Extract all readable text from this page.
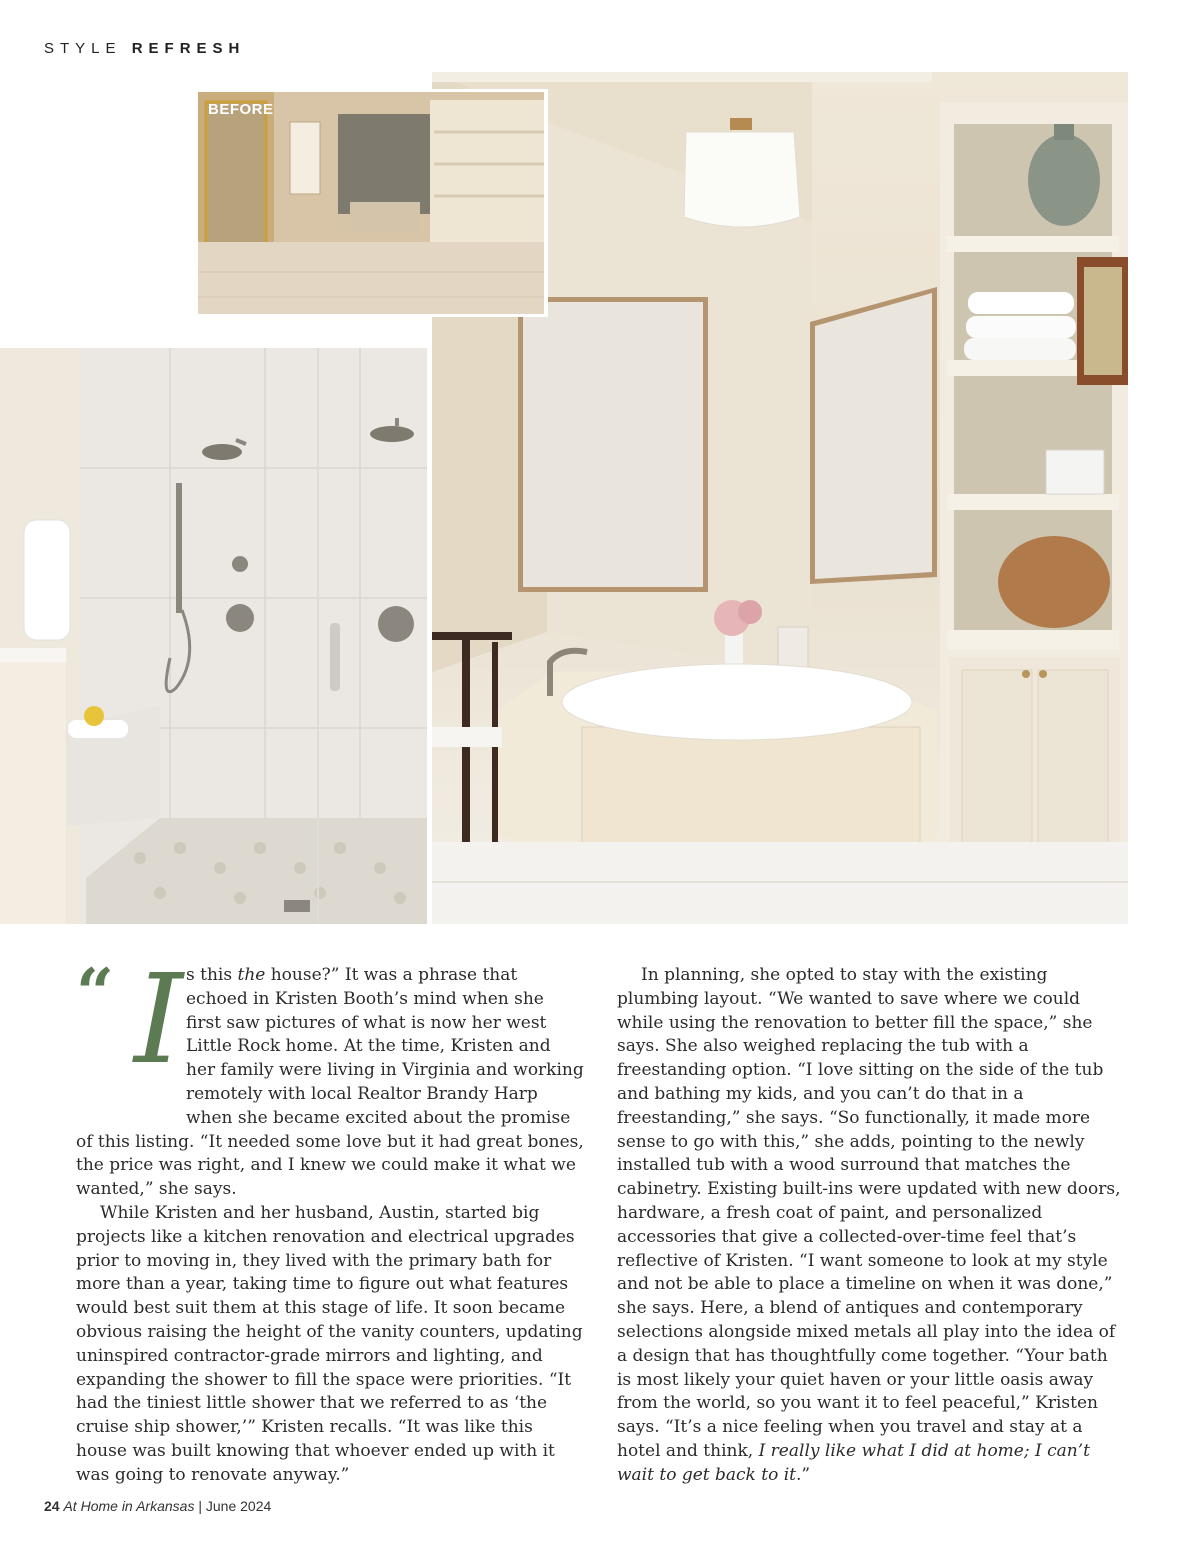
STYLE REFRESH
BEFORE
“ I s this the house?” It was a phrase that echoed in Kristen Booth’s mind when she first saw pictures of what is now her west Little Rock home. At the time, Kristen and her family were living in Virginia and working remotely with local Realtor Brandy Harp when she became excited about the promise of this listing. “It needed some love but it had great bones, the price was right, and I knew we could make it what we wanted,” she says.

While Kristen and her husband, Austin, started big projects like a kitchen renovation and electrical upgrades prior to moving in, they lived with the primary bath for more than a year, taking time to figure out what features would best suit them at this stage of life. It soon became obvious raising the height of the vanity counters, updating uninspired contractor-grade mirrors and lighting, and expanding the shower to fill the space were priorities. “It had the tiniest little shower that we referred to as ‘the cruise ship shower,’” Kristen recalls. “It was like this house was built knowing that whoever ended up with it was going to renovate anyway.”

In planning, she opted to stay with the existing plumbing layout. “We wanted to save where we could while using the renovation to better fill the space,” she says. She also weighed replacing the tub with a freestanding option. “I love sitting on the side of the tub and bathing my kids, and you can’t do that in a freestanding,” she says. “So functionally, it made more sense to go with this,” she adds, pointing to the newly installed tub with a wood surround that matches the cabinetry. Existing built-ins were updated with new doors, hardware, a fresh coat of paint, and personalized accessories that give a collected-over-time feel that’s reflective of Kristen. “I want someone to look at my style and not be able to place a timeline on when it was done,” she says. Here, a blend of antiques and contemporary selections alongside mixed metals all play into the idea of a design that has thoughtfully come together. “Your bath is most likely your quiet haven or your little oasis away from the world, so you want it to feel peaceful,” Kristen says. “It’s a nice feeling when you travel and stay at a hotel and think, I really like what I did at home; I can’t wait to get back to it.”

24 At Home in Arkansas | June 2024
